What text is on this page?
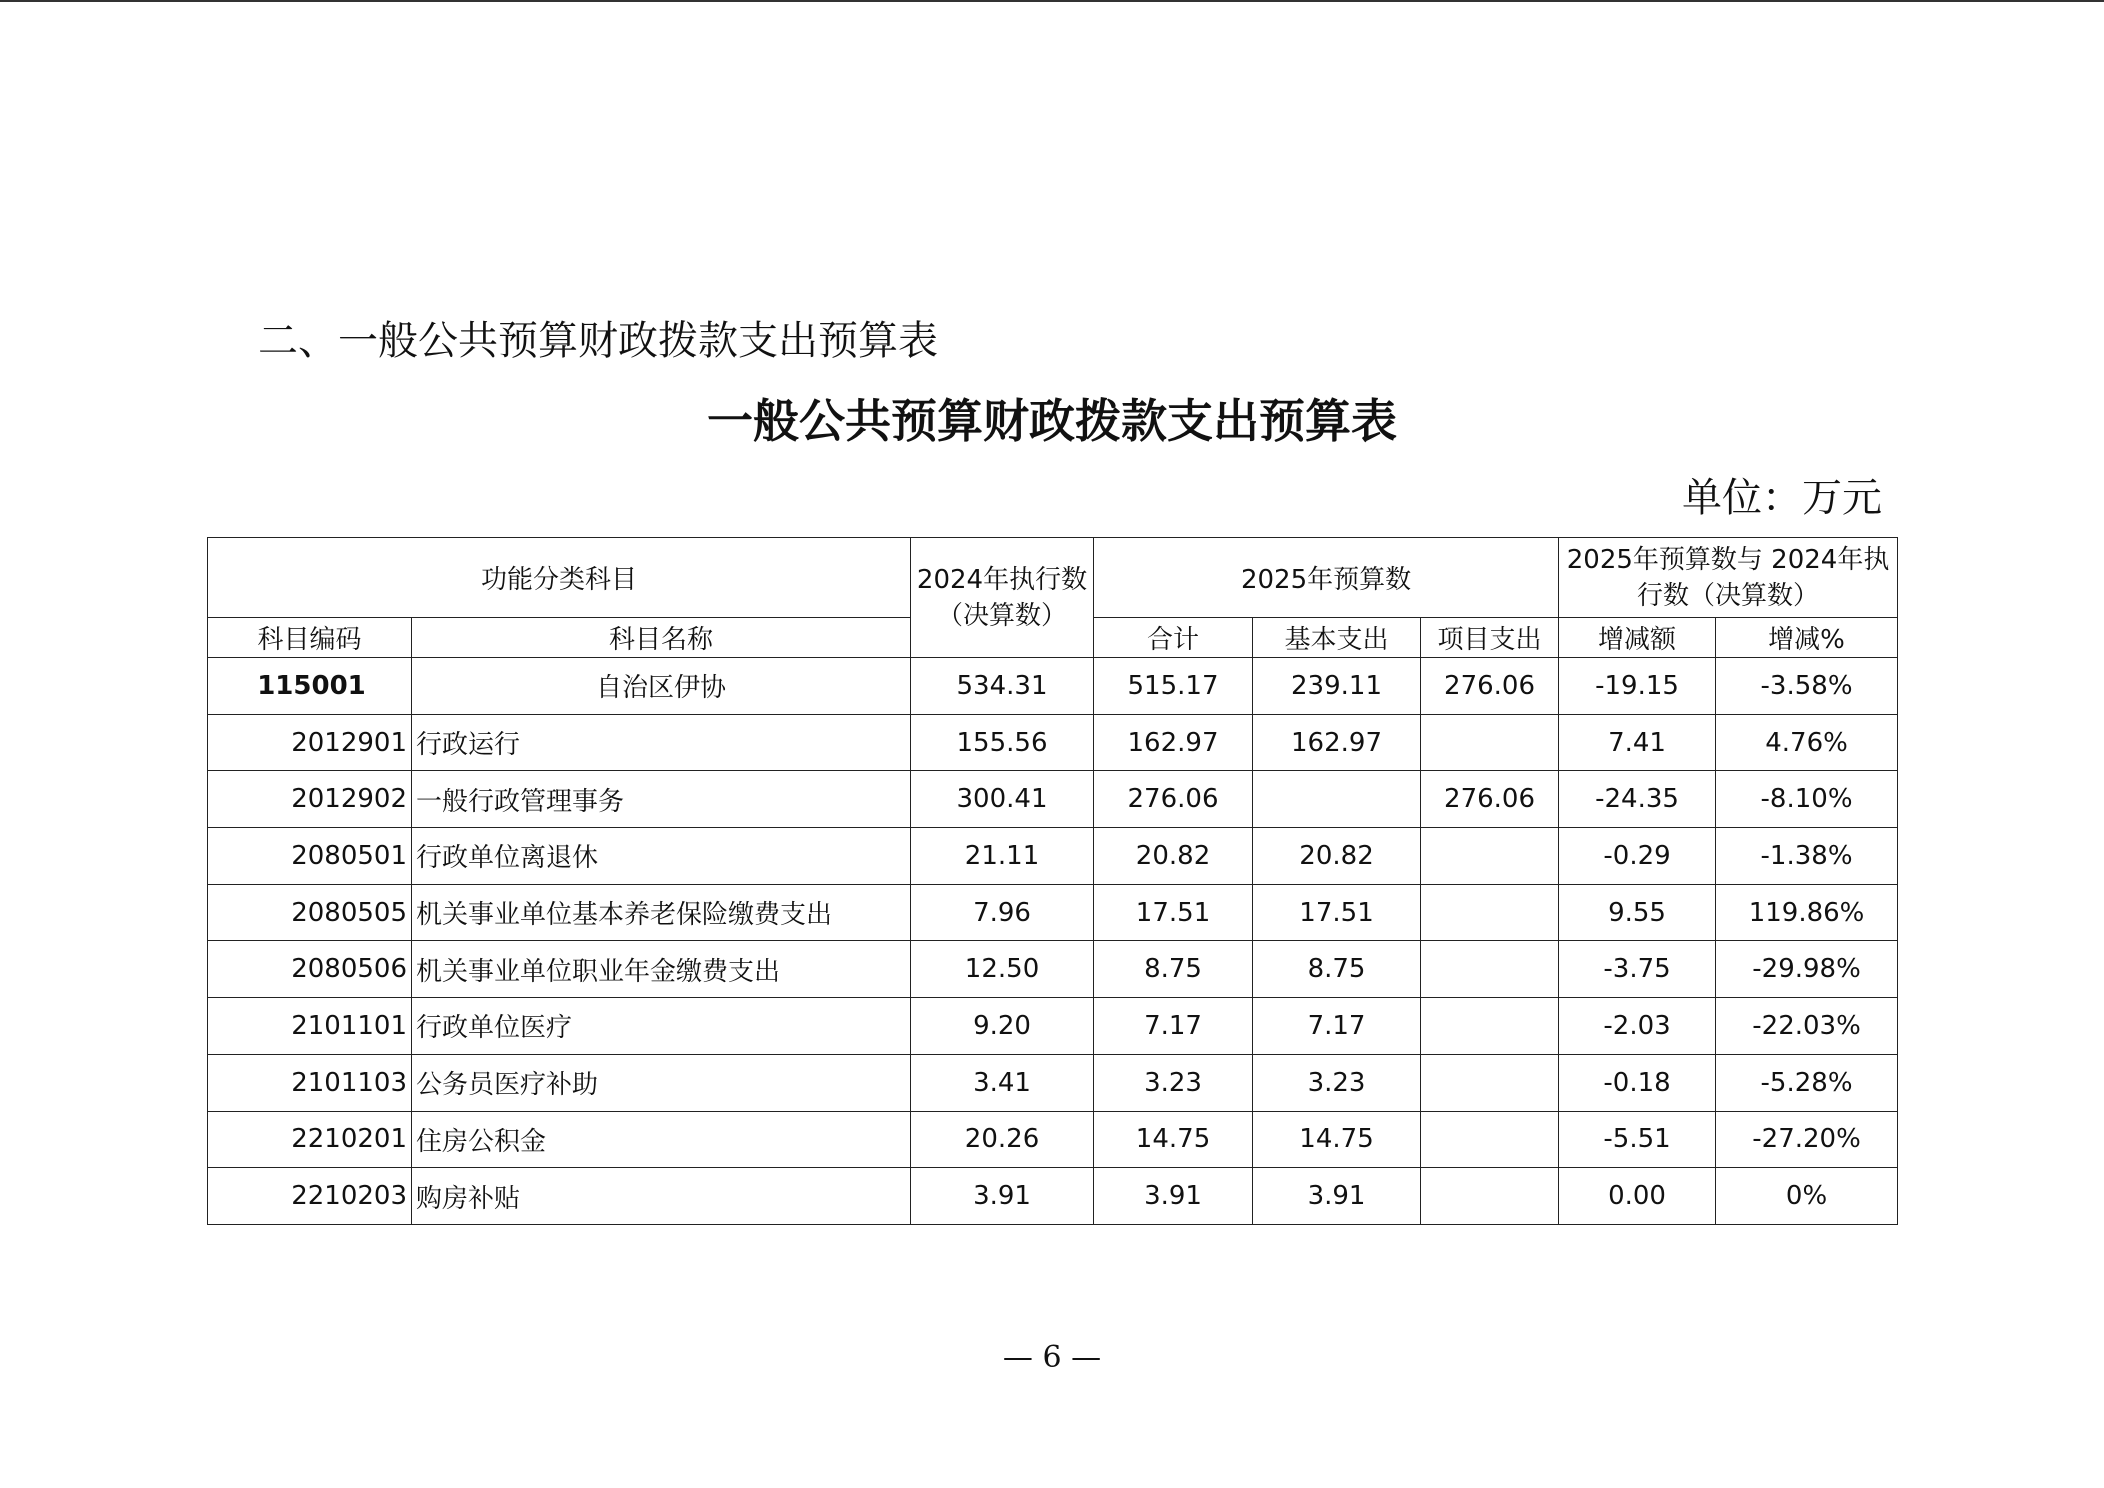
二、一般公共预算财政拨款支出预算表
一般公共预算财政拨款支出预算表
单位：万元
功能分类科目		2024年执行数（决算数）	2025年预算数			2025年预算数与 2024年执行数（决算数）	
科目编码	科目名称		合计	基本支出	项目支出	增减额	增减%
115001	自治区伊协	534.31	515.17	239.11	276.06	-19.15	-3.58%
2012901	行政运行	155.56	162.97	162.97		7.41	4.76%
2012902	一般行政管理事务	300.41	276.06		276.06	-24.35	-8.10%
2080501	行政单位离退休	21.11	20.82	20.82		-0.29	-1.38%
2080505	机关事业单位基本养老保险缴费支出	7.96	17.51	17.51		9.55	119.86%
2080506	机关事业单位职业年金缴费支出	12.50	8.75	8.75		-3.75	-29.98%
2101101	行政单位医疗	9.20	7.17	7.17		-2.03	-22.03%
2101103	公务员医疗补助	3.41	3.23	3.23		-0.18	-5.28%
2210201	住房公积金	20.26	14.75	14.75		-5.51	-27.20%
2210203	购房补贴	3.91	3.91	3.91		0.00	0%
— 6 —
